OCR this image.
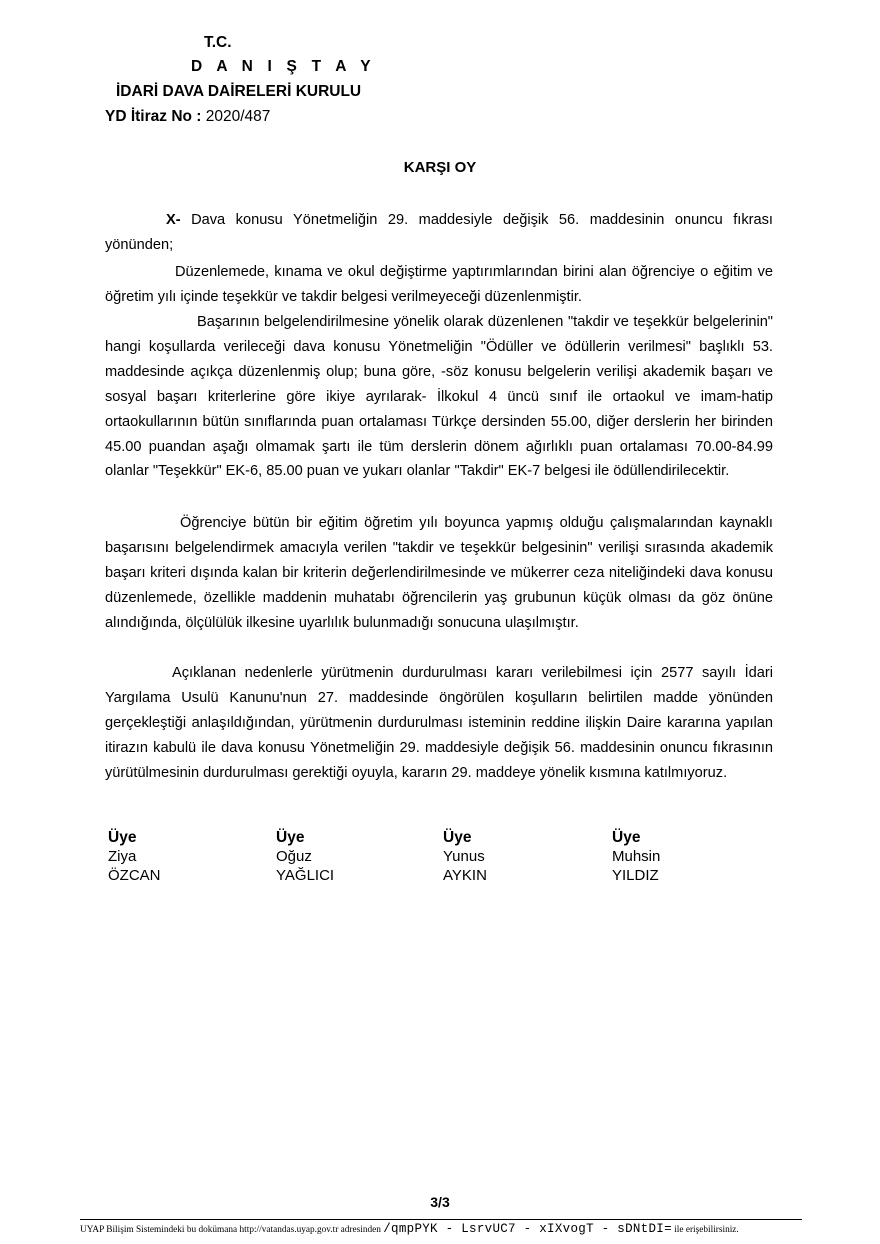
T.C.
D A N I Ş T A Y
İDARİ DAVA DAİRELERİ KURULU
YD İtiraz No : 2020/487
KARŞI OY

X- Dava konusu Yönetmeliğin 29. maddesiyle değişik 56. maddesinin onuncu fıkrası yönünden;

Düzenlemede, kınama ve okul değiştirme yaptırımlarından birini alan öğrenciye o eğitim ve öğretim yılı içinde teşekkür ve takdir belgesi verilmeyeceği düzenlenmiştir.

Başarının belgelendirilmesine yönelik olarak düzenlenen "takdir ve teşekkür belgelerinin" hangi koşullarda verileceği dava konusu Yönetmeliğin "Ödüller ve ödüllerin verilmesi" başlıklı 53. maddesinde açıkça düzenlenmiş olup; buna göre, -söz konusu belgelerin verilişi akademik başarı ve sosyal başarı kriterlerine göre ikiye ayrılarak- İlkokul 4 üncü sınıf ile ortaokul ve imam-hatip ortaokullarının bütün sınıflarında puan ortalaması Türkçe dersinden 55.00, diğer derslerin her birinden 45.00 puandan aşağı olmamak şartı ile tüm derslerin dönem ağırlıklı puan ortalaması 70.00-84.99 olanlar "Teşekkür" EK-6, 85.00 puan ve yukarı olanlar "Takdir" EK-7 belgesi ile ödüllendirilecektir.

Öğrenciye bütün bir eğitim öğretim yılı boyunca yapmış olduğu çalışmalarından kaynaklı başarısını belgelendirmek amacıyla verilen "takdir ve teşekkür belgesinin" verilişi sırasında akademik başarı kriteri dışında kalan bir kriterin değerlendirilmesinde ve mükerrer ceza niteliğindeki dava konusu düzenlemede, özellikle maddenin muhatabı öğrencilerin yaş grubunun küçük olması da göz önüne alındığında, ölçülülük ilkesine uyarlılık bulunmadığı sonucuna ulaşılmıştır.

Açıklanan nedenlerle yürütmenin durdurulması kararı verilebilmesi için 2577 sayılı İdari Yargılama Usulü Kanunu'nun 27. maddesinde öngörülen koşulların belirtilen madde yönünden gerçekleştiği anlaşıldığından, yürütmenin durdurulması isteminin reddine ilişkin Daire kararına yapılan itirazın kabulü ile dava konusu Yönetmeliğin 29. maddesiyle değişik 56. maddesinin onuncu fıkrasının yürütülmesinin durdurulması gerektiği oyuyla, kararın 29. maddeye yönelik kısmına katılmıyoruz.

Üye
Ziya
ÖZCAN
Üye
Oğuz
YAĞLICI
Üye
Yunus
AYKIN
Üye
Muhsin
YILDIZ
3/3
UYAP Bilişim Sistemindeki bu dokümana http://vatandas.uyap.gov.tr adresinden /qmpPYK - LsrvUC7 - xIXvogT - sDNtDI= ile erişebilirsiniz.
